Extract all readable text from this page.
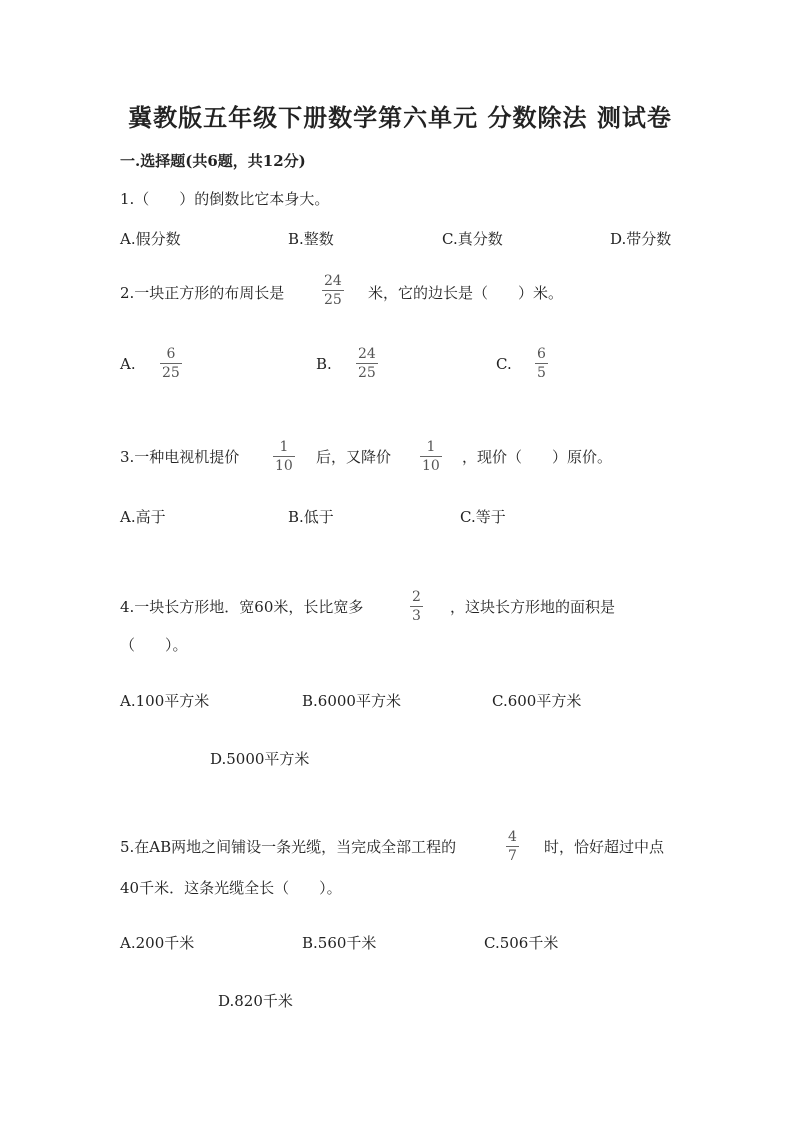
冀教版五年级下册数学第六单元 分数除法 测试卷
一.选择题(共6题，共12分)
1.（　　）的倒数比它本身大。
A.假分数	B.整数	C.真分数	D.带分数
2.一块正方形的布周长是
24
25 米，它的边长是（　　）米。
A.
6
25	B.
24
25	C.
6
5
3.一种电视机提价
1
10 后，又降价
1
10 ，现价（　　）原价。
A.高于	B.低于	C.等于
4.一块长方形地．宽60米，长比宽多
2
3 ，这块长方形地的面积是
（　　）。
A.100平方米	B.6000平方米	C.600平方米
D.5000平方米
5.在AB两地之间铺设一条光缆，当完成全部工程的
4
7 时，恰好超过中点
40千米．这条光缆全长（　　）。
A.200千米	B.560千米	C.506千米
D.820千米
